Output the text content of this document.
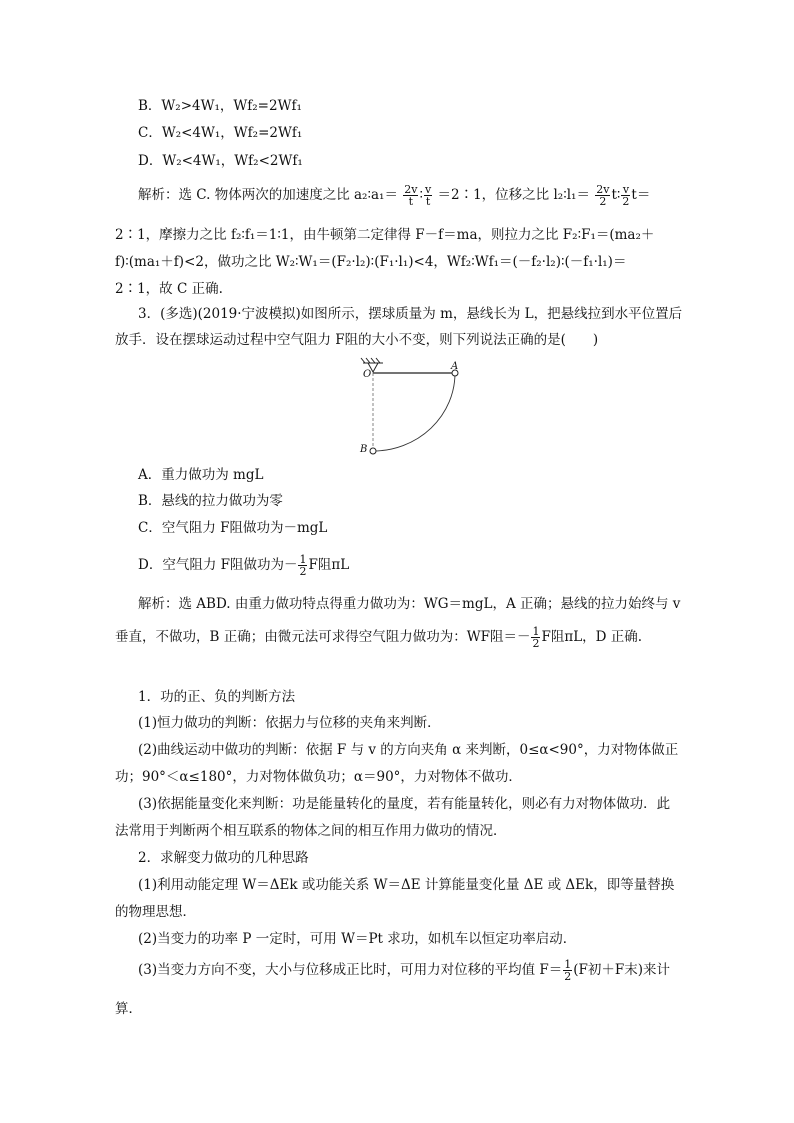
B．W₂>4W₁，Wf₂=2Wf₁
C．W₂<4W₁，Wf₂=2Wf₁
D．W₂<4W₁，Wf₂<2Wf₁
解析：选 C. 物体两次的加速度之比 a₂∶a₁＝ $\frac{2v}{t}$ ∶ $\frac{v}{t}$ ＝2∶1，位移之比 l₂∶l₁＝ $\frac{2v}{2}$ t∶ $\frac{v}{2} t=$
2∶1，摩擦力之比 f₂∶f₁＝1∶1，由牛顿第二定律得 F－f＝ma，则拉力之比 F₂∶F₁＝(ma₂＋
f)∶(ma₁＋f)<2，做功之比 W₂∶W₁＝(F₂·l₂)∶(F₁·l₁)<4，Wf₂∶Wf₁＝(－f₂·l₂)∶(－f₁·l₁)＝
2∶1，故 C 正确.
3．(多选)(2019·宁波模拟)如图所示，摆球质量为 m，悬线长为 L，把悬线拉到水平位置后
放手．设在摆球运动过程中空气阻力 F阻的大小不变，则下列说法正确的是(　　)
O
A
B
A．重力做功为 mgL
B．悬线的拉力做功为零
C．空气阻力 F阻做功为－mgL
D．空气阻力 F阻做功为－ $\frac{1}{2}$ F阻πL
解析：选 ABD. 由重力做功特点得重力做功为：WG＝mgL，A 正确；悬线的拉力始终与 v
垂直，不做功，B 正确；由微元法可求得空气阻力做功为：WF阻＝－ $\frac{1}{2}$ F阻πL，D 正确.
1．功的正、负的判断方法
(1)恒力做功的判断：依据力与位移的夹角来判断．
(2)曲线运动中做功的判断：依据 F 与 v 的方向夹角 α 来判断，0≤α<90°，力对物体做正
功；90°＜α≤180°，力对物体做负功；α＝90°，力对物体不做功．
(3)依据能量变化来判断：功是能量转化的量度，若有能量转化，则必有力对物体做功．此
法常用于判断两个相互联系的物体之间的相互作用力做功的情况．
2．求解变力做功的几种思路
(1)利用动能定理 W＝ΔEk 或功能关系 W＝ΔE 计算能量变化量 ΔE 或 ΔEk，即等量替换
的物理思想．
(2)当变力的功率 P 一定时，可用 W＝Pt 求功，如机车以恒定功率启动．
(3)当变力方向不变，大小与位移成正比时，可用力对位移的平均值 $F= \frac{1}{2} (F$初＋F末)来计
算．
